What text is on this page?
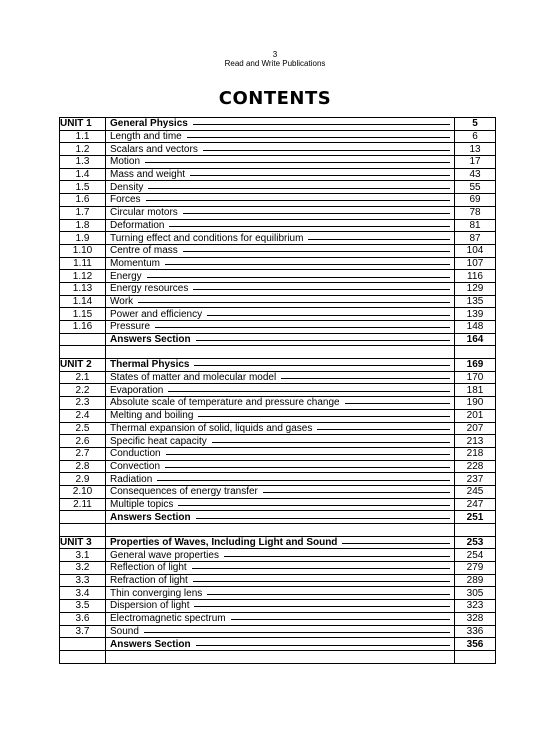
3
Read and Write Publications
CONTENTS
UNIT 1	General Physics	5
1.1	Length and time	6
1.2	Scalars and vectors	13
1.3	Motion	17
1.4	Mass and weight	43
1.5	Density	55
1.6	Forces	69
1.7	Circular motors	78
1.8	Deformation	81
1.9	Turning effect and conditions for equilibrium	87
1.10	Centre of mass	104
1.11	Momentum	107
1.12	Energy	116
1.13	Energy resources	129
1.14	Work	135
1.15	Power and efficiency	139
1.16	Pressure	148

	Answers Section	164

UNIT 2	Thermal Physics	169
2.1	States of matter and molecular model	170
2.2	Evaporation	181
2.3	Absolute scale of temperature and pressure change	190
2.4	Melting and boiling	201
2.5	Thermal expansion of solid, liquids and gases	207
2.6	Specific heat capacity	213
2.7	Conduction	218
2.8	Convection	228
2.9	Radiation	237
2.10	Consequences of energy transfer	245
2.11	Multiple topics	247

	Answers Section	251

UNIT 3	Properties of Waves, Including Light and Sound	253
3.1	General wave properties	254
3.2	Reflection of light	279
3.3	Refraction of light	289
3.4	Thin converging lens	305
3.5	Dispersion of light	323
3.6	Electromagnetic spectrum	328
3.7	Sound	336

	Answers Section	356
